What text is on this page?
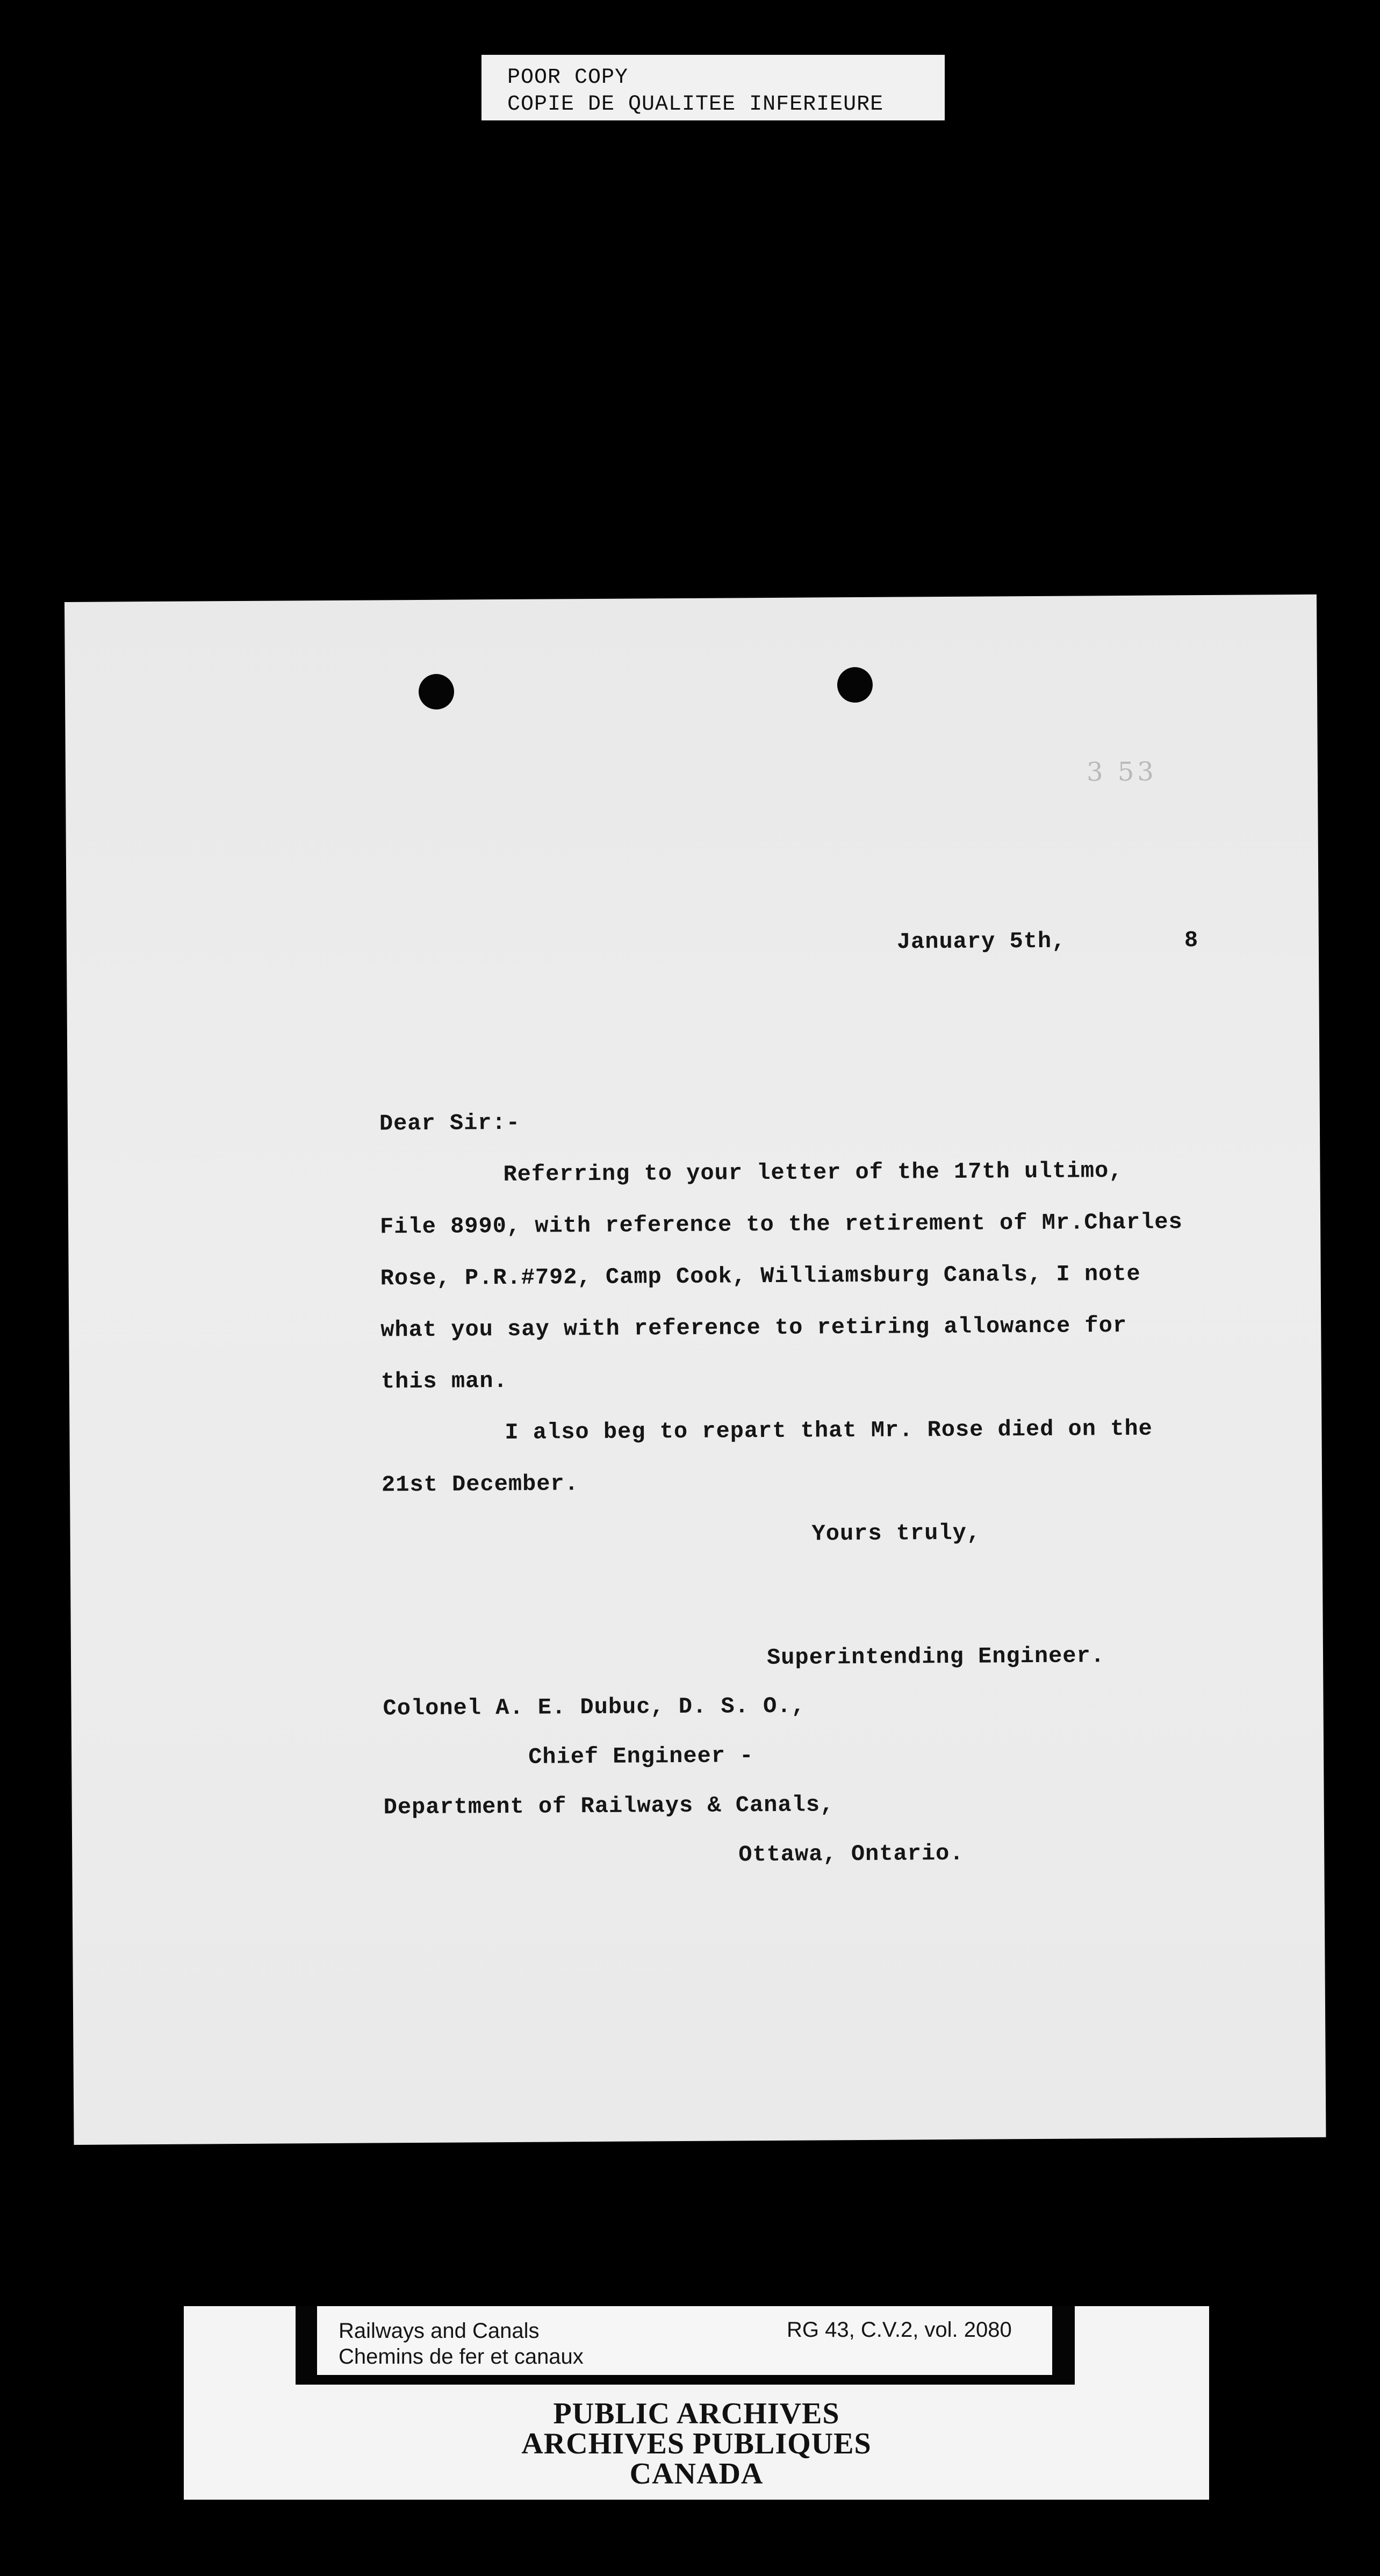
POOR COPY
COPIE DE QUALITEE INFERIEURE
3 53
January 5th,	8
Dear Sir:-
Referring to your letter of the 17th ultimo,
File 8990, with reference to the retirement of Mr.Charles
Rose, P.R.#792, Camp Cook, Williamsburg Canals, I note
what you say with reference to retiring allowance for
this man.
I also beg to repart that Mr. Rose died on the
21st December.
Yours truly,
Superintending Engineer.
Colonel A. E. Dubuc, D. S. O.,
Chief Engineer -
Department of Railways & Canals,
Ottawa, Ontario.
Railways and Canals
Chemins de fer et canaux
RG 43, C.V.2, vol. 2080
PUBLIC ARCHIVES
ARCHIVES PUBLIQUES
CANADA
